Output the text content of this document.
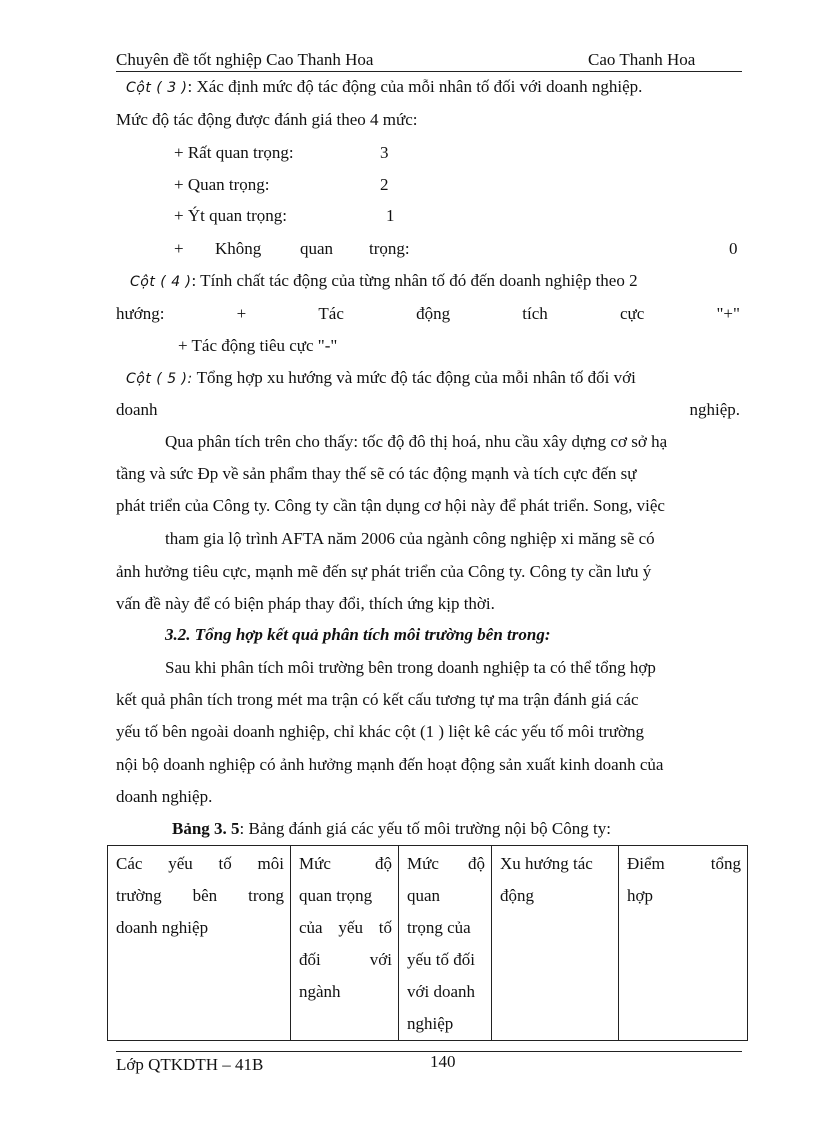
Chuyên đề tốt nghiệp Cao Thanh Hoa	Cao Thanh Hoa
Cột ( 3 ): Xác định mức độ tác động của mỗi nhân tố đối với doanh nghiệp.
Mức độ tác động được đánh giá theo 4 mức:
+ Rất quan trọng:	3
+ Quan trọng:	2
+ Ýt quan trọng:	1
+ Không quan trọng:	0
Cột ( 4 ): Tính chất tác động của từng nhân tố đó đến doanh nghiệp theo 2
hướng:	+	Tác	động	tích	cực	"+"
+ Tác động tiêu cực "-"
Cột ( 5 ): Tổng hợp xu hướng và mức độ tác động của mỗi nhân tố đối với
doanh	nghiệp.
Qua phân tích trên cho thấy: tốc độ đô thị hoá, nhu cầu xây dựng cơ sở hạ
tầng và sức Ðp về sản phẩm thay thế sẽ có tác động mạnh và tích cực đến sự
phát triển của Công ty. Công ty cần tận dụng cơ hội này để phát triển. Song, việc
tham gia lộ trình AFTA năm 2006 của ngành công nghiệp xi măng sẽ có
ảnh hưởng tiêu cực, mạnh mẽ đến sự phát triển của Công ty. Công ty cần lưu ý
vấn đề này để có biện pháp thay đổi, thích ứng kịp thời.
3.2. Tổng hợp kết quả phân tích môi trường bên trong:
Sau khi phân tích môi trường bên trong doanh nghiệp ta có thể tổng hợp
kết quả phân tích trong mét ma trận có kết cấu tương tự ma trận đánh giá các
yếu tố bên ngoài doanh nghiệp, chỉ khác cột (1 ) liệt kê các yếu tố môi trường
nội bộ doanh nghiệp có ảnh hưởng mạnh đến hoạt động sản xuất kinh doanh của
doanh nghiệp.
Bảng 3. 5: Bảng đánh giá các yếu tố môi trường nội bộ Công ty:
Các yếu tố môi
trường bên trong
doanh nghiệp

Mức	độ
quan trọng
của yếu tố
đối	với
ngành

Mức độ
quan
trọng của
yếu tố đối
với doanh
nghiệp

Xu hướng tác
động

Điểm	tổng
hợp
Lớp QTKDTH – 41B	140
